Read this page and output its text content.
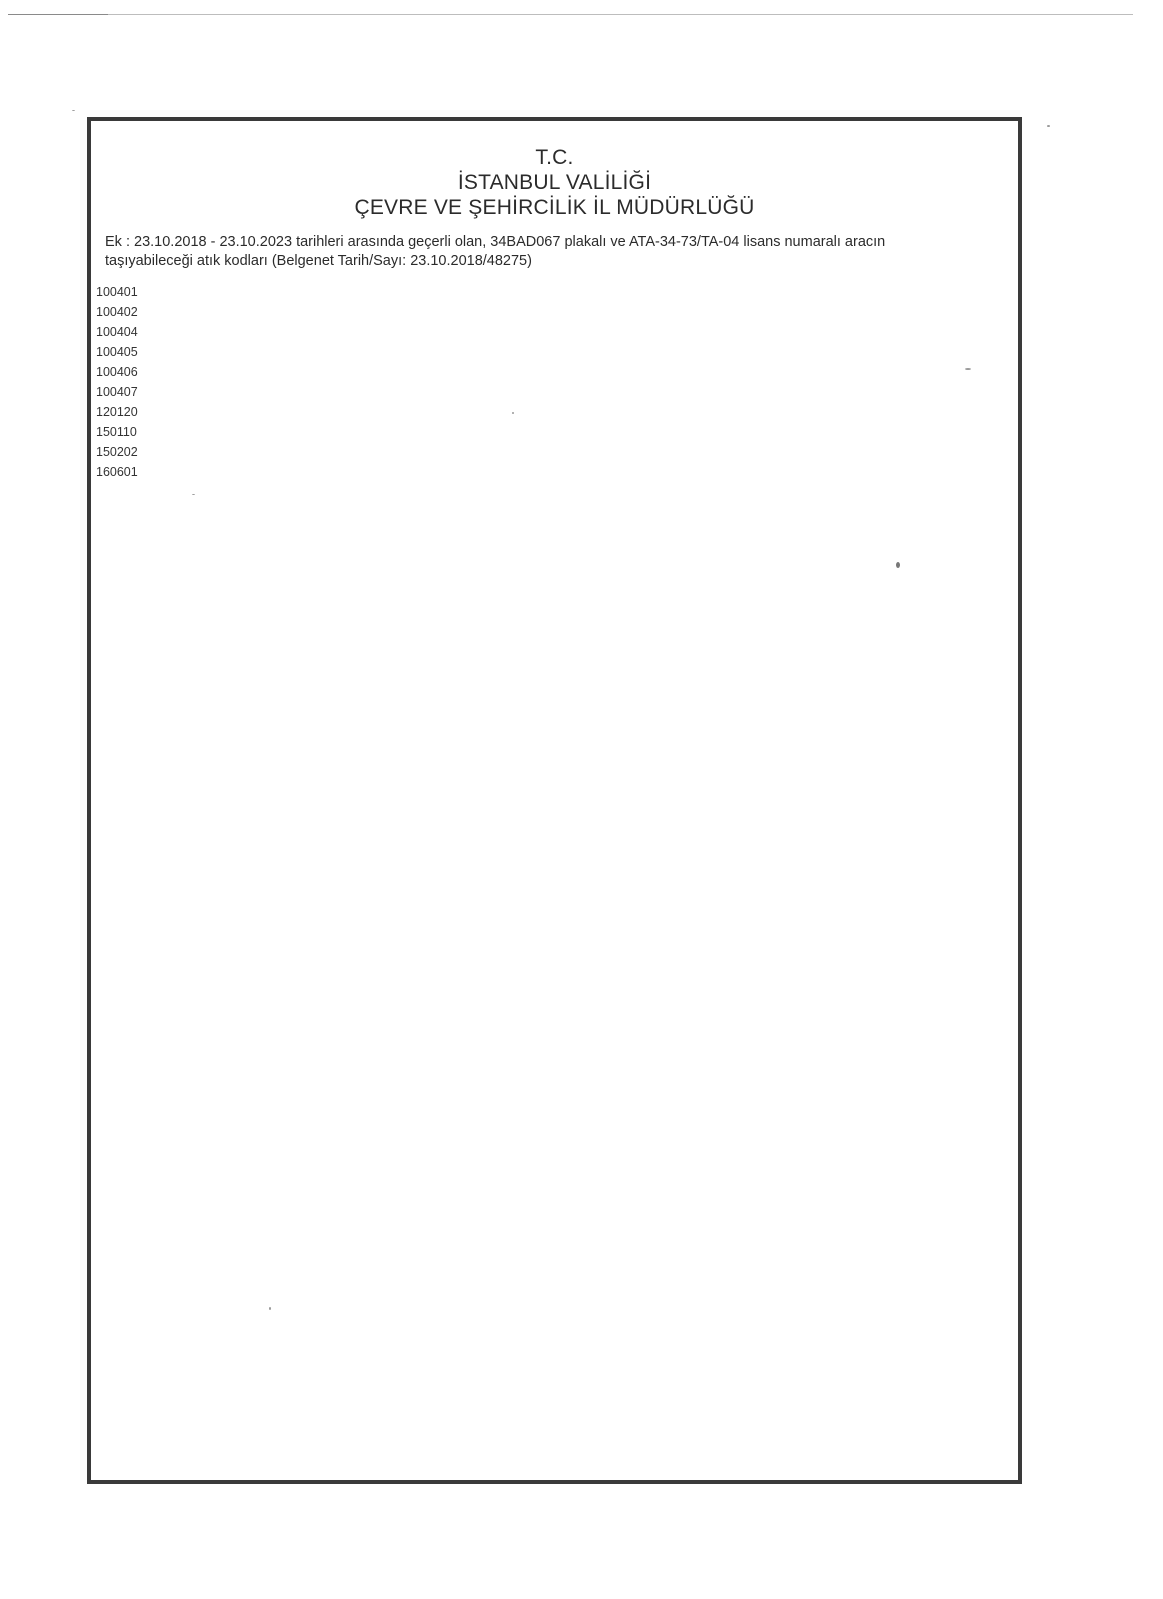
T.C.
İSTANBUL VALİLİĞİ
ÇEVRE VE ŞEHİRCİLİK İL MÜDÜRLÜĞÜ
Ek : 23.10.2018 - 23.10.2023 tarihleri arasında geçerli olan, 34BAD067 plakalı ve ATA-34-73/TA-04 lisans numaralı aracın
taşıyabileceği atık kodları (Belgenet Tarih/Sayı: 23.10.2018/48275)
100401
100402
100404
100405
100406
100407
120120
150110
150202
160601
